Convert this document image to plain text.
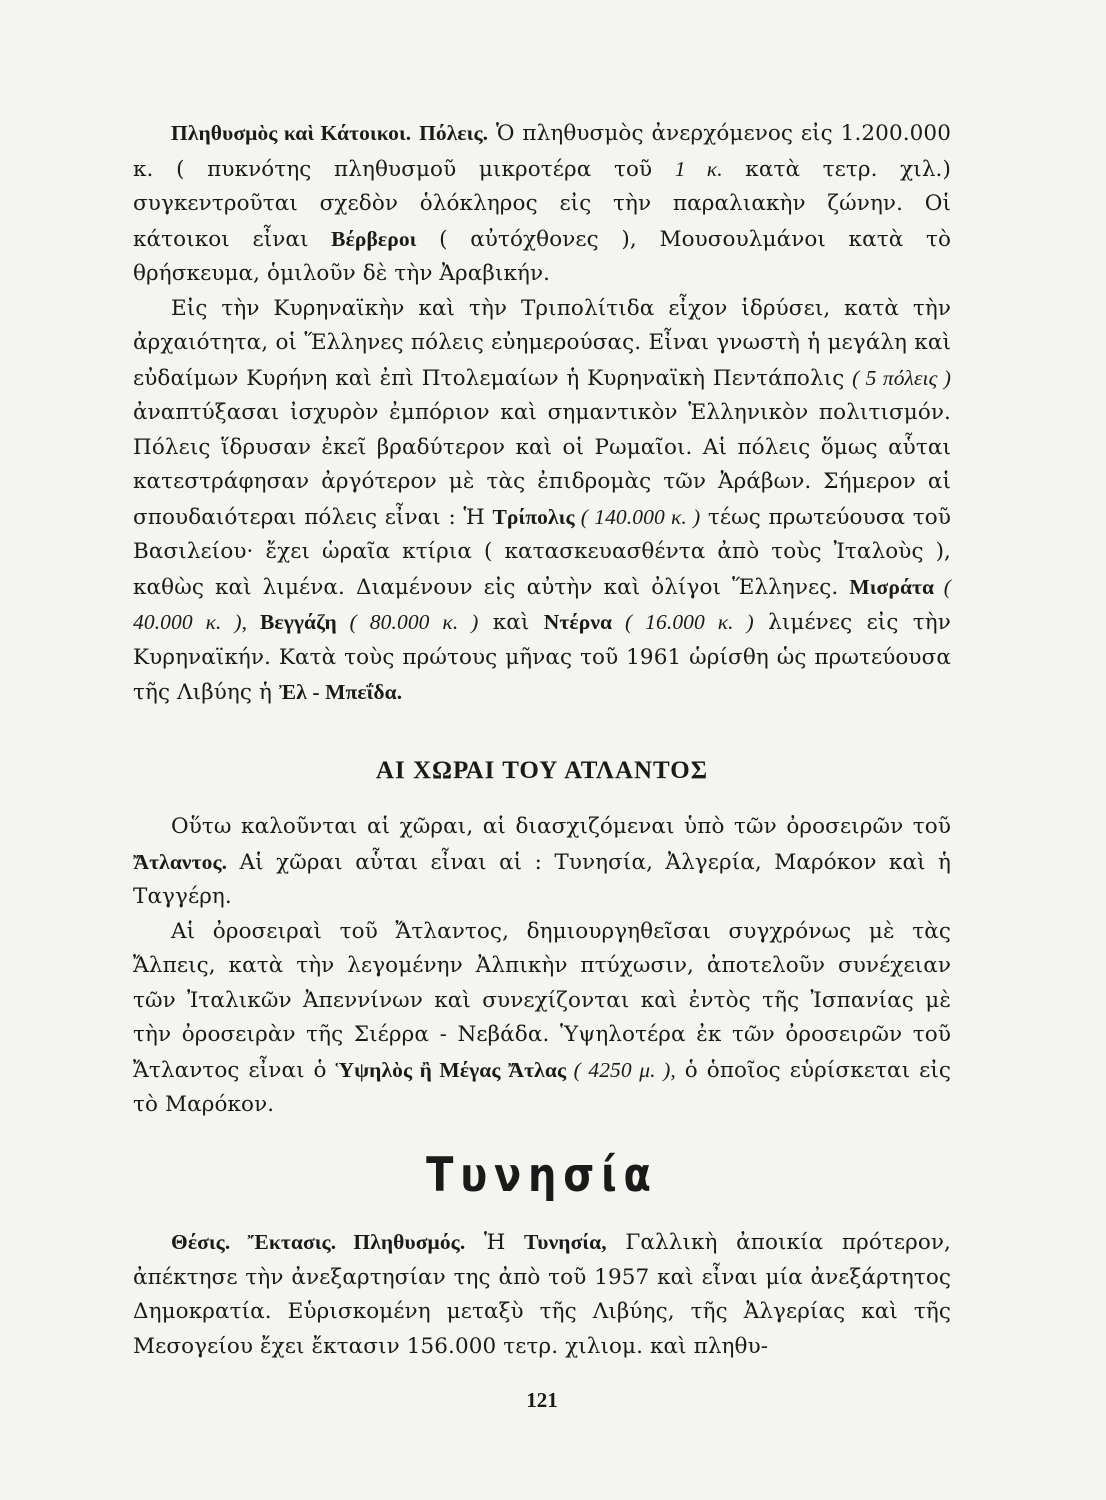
Πληθυσμὸς καὶ Κάτοικοι. Πόλεις. Ὁ πληθυσμὸς ἀνερχόμενος εἰς 1.200.000 κ. ( πυκνότης πληθυσμοῦ μικροτέρα τοῦ 1 κ. κατὰ τετρ. χιλ.) συγκεντροῦται σχεδὸν ὁλόκληρος εἰς τὴν παραλιακὴν ζώνην. Οἱ κάτοικοι εἶναι Βέρβεροι ( αὐτόχθονες ), Μουσουλμάνοι κατὰ τὸ θρήσκευμα, ὁμιλοῦν δὲ τὴν Ἀραβικήν.

Εἰς τὴν Κυρηναϊκὴν καὶ τὴν Τριπολίτιδα εἶχον ἱδρύσει, κατὰ τὴν ἀρχαιότητα, οἱ Ἕλληνες πόλεις εὐημερούσας. Εἶναι γνωστὴ ἡ μεγάλη καὶ εὐδαίμων Κυρήνη καὶ ἐπὶ Πτολεμαίων ἡ Κυρηναϊκὴ Πεντάπολις ( 5 πόλεις ) ἀναπτύξασαι ἰσχυρὸν ἐμπόριον καὶ σημαντικὸν Ἑλληνικὸν πολιτισμόν. Πόλεις ἵδρυσαν ἐκεῖ βραδύτερον καὶ οἱ Ρωμαῖοι. Αἱ πόλεις ὅμως αὗται κατεστράφησαν ἀργότερον μὲ τὰς ἐπιδρομὰς τῶν Ἀράβων. Σήμερον αἱ σπουδαιότεραι πόλεις εἶναι : Ἡ Τρίπολις ( 140.000 κ. ) τέως πρωτεύουσα τοῦ Βασιλείου· ἔχει ὡραῖα κτίρια ( κατασκευασθέντα ἀπὸ τοὺς Ἰταλοὺς ), καθὼς καὶ λιμένα. Διαμένουν εἰς αὐτὴν καὶ ὀλίγοι Ἕλληνες. Μισράτα ( 40.000 κ. ), Βεγγάζη ( 80.000 κ. ) καὶ Ντέρνα ( 16.000 κ. ) λιμένες εἰς τὴν Κυρηναϊκήν. Κατὰ τοὺς πρώτους μῆνας τοῦ 1961 ὡρίσθη ὡς πρωτεύουσα τῆς Λιβύης ἡ Ἐλ - Μπεΐδα.

ΑΙ ΧΩΡΑΙ ΤΟΥ ΑΤΛΑΝΤΟΣ

Οὕτω καλοῦνται αἱ χῶραι, αἱ διασχιζόμεναι ὑπὸ τῶν ὀροσειρῶν τοῦ Ἄτλαντος. Αἱ χῶραι αὗται εἶναι αἱ : Τυνησία, Ἀλγερία, Μαρόκον καὶ ἡ Ταγγέρη.

Αἱ ὀροσειραὶ τοῦ Ἄτλαντος, δημιουργηθεῖσαι συγχρόνως μὲ τὰς Ἄλπεις, κατὰ τὴν λεγομένην Ἀλπικὴν πτύχωσιν, ἀποτελοῦν συνέχειαν τῶν Ἰταλικῶν Ἀπεννίνων καὶ συνεχίζονται καὶ ἐντὸς τῆς Ἰσπανίας μὲ τὴν ὀροσειρὰν τῆς Σιέρρα - Νεβάδα. Ὑψηλοτέρα ἐκ τῶν ὀροσειρῶν τοῦ Ἄτλαντος εἶναι ὁ Ὑψηλὸς ἢ Μέγας Ἄτλας ( 4250 μ. ), ὁ ὁποῖος εὑρίσκεται εἰς τὸ Μαρόκον.

Τυνησία

Θέσις. Ἔκτασις. Πληθυσμός. Ἡ Τυνησία, Γαλλικὴ ἀποικία πρότερον, ἀπέκτησε τὴν ἀνεξαρτησίαν της ἀπὸ τοῦ 1957 καὶ εἶναι μία ἀνεξάρτητος Δημοκρατία. Εὑρισκομένη μεταξὺ τῆς Λιβύης, τῆς Ἀλγερίας καὶ τῆς Μεσογείου ἔχει ἔκτασιν 156.000 τετρ. χιλιομ. καὶ πληθυ-

121
